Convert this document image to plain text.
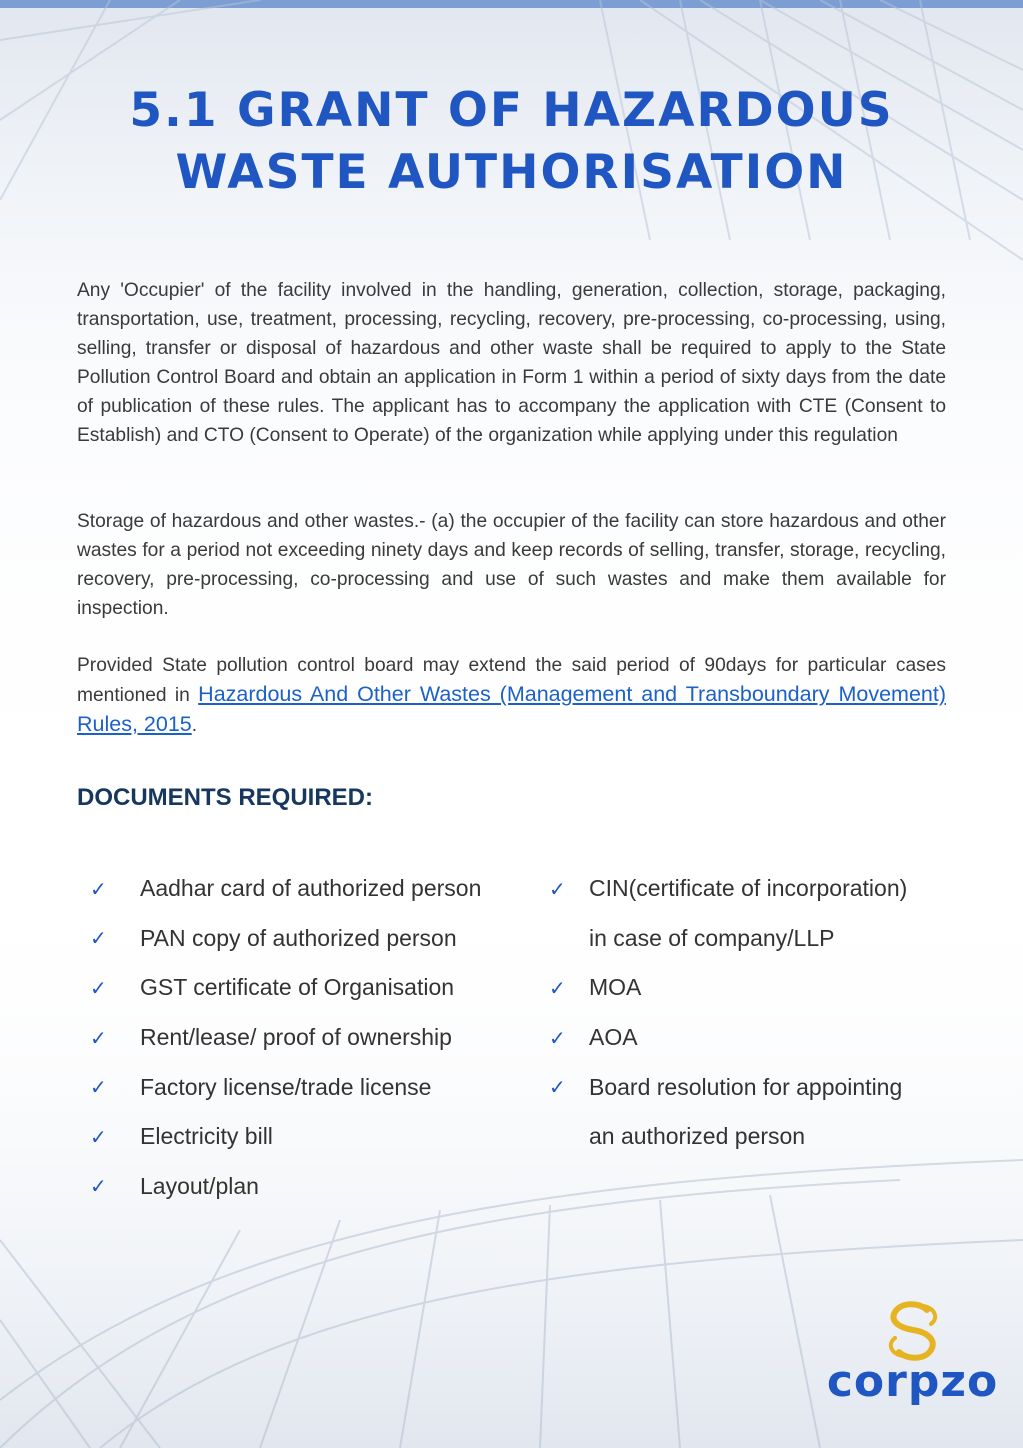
5.1 GRANT OF HAZARDOUS
WASTE AUTHORISATION

Any 'Occupier' of the facility involved in the handling, generation, collection, storage, packaging, transportation, use, treatment, processing, recycling, recovery, pre-processing, co-processing, using, selling, transfer or disposal of hazardous and other waste shall be required to apply to the State Pollution Control Board and obtain an application in Form 1 within a period of sixty days from the date of publication of these rules. The applicant has to accompany the application with CTE (Consent to Establish) and CTO (Consent to Operate) of the organization while applying under this regulation

Storage of hazardous and other wastes.- (a) the occupier of the facility can store hazardous and other wastes for a period not exceeding ninety days and keep records of selling, transfer, storage, recycling, recovery, pre-processing, co-processing and use of such wastes and make them available for inspection.

Provided State pollution control board may extend the said period of 90days for particular cases mentioned in Hazardous And Other Wastes (Management and Transboundary Movement) Rules, 2015.

DOCUMENTS REQUIRED:
✓	Aadhar card of authorized person
✓	PAN copy of authorized person
✓	GST certificate of Organisation
✓	Rent/lease/ proof of ownership
✓	Factory license/trade license
✓	Electricity bill
✓	Layout/plan
✓	CIN(certificate of incorporation)
in case of company/LLP
✓	MOA
✓	AOA
✓	Board resolution for appointing
an authorized person
corpzo
